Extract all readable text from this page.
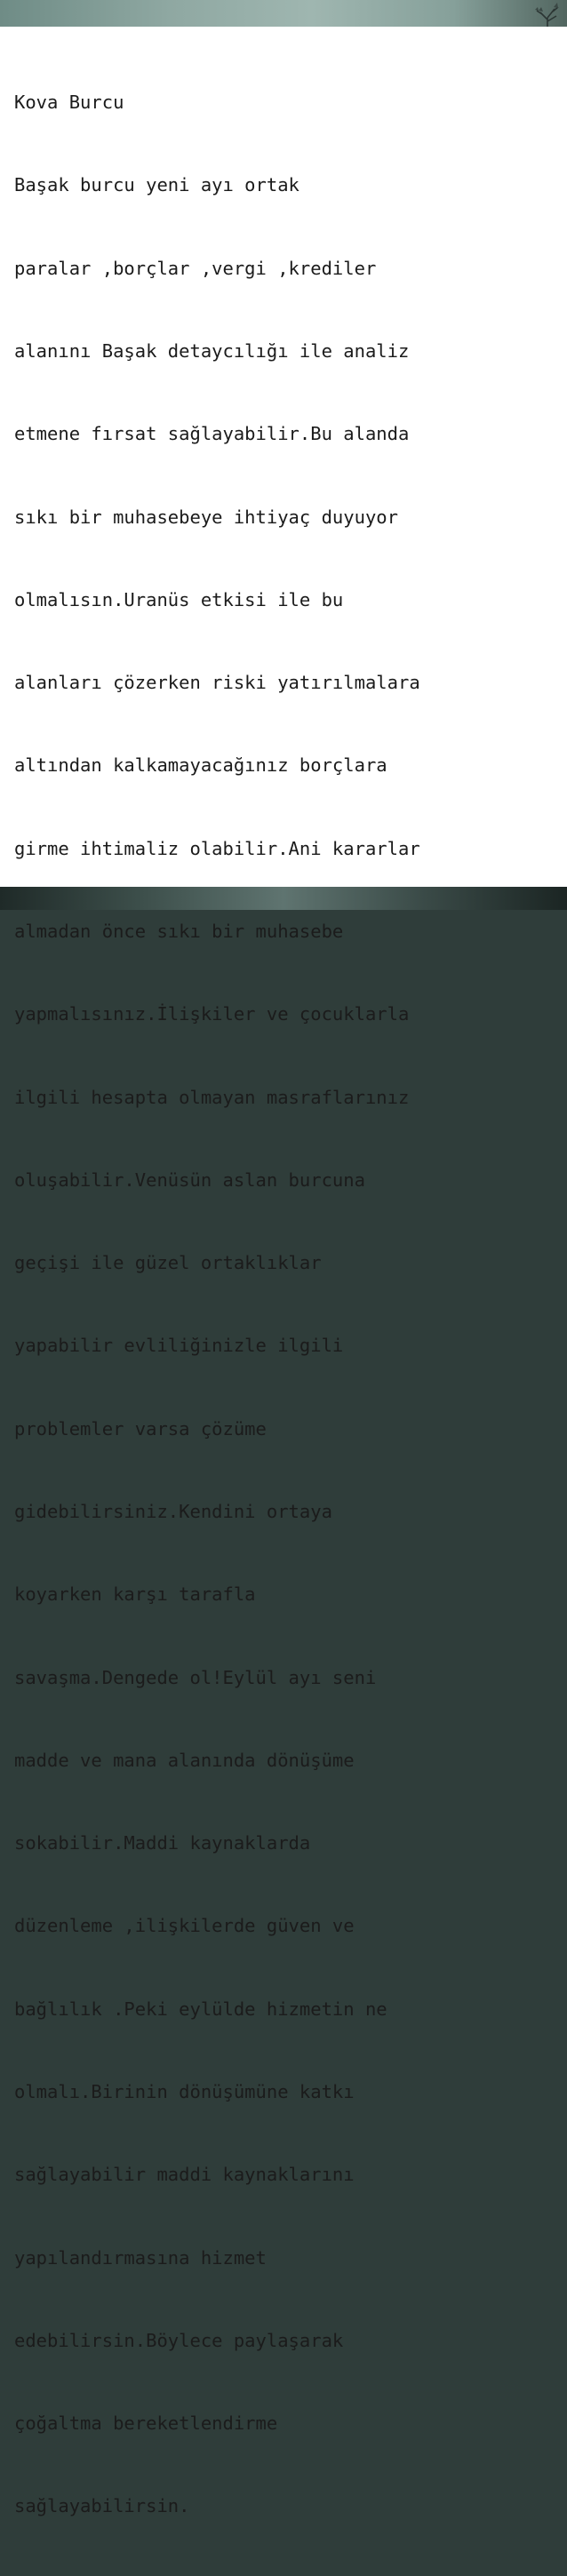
Kova Burcu

Başak burcu yeni ayı ortak

paralar ,borçlar ,vergi ,krediler

alanını Başak detaycılığı ile analiz

etmene fırsat sağlayabilir.Bu alanda

sıkı bir muhasebeye ihtiyaç duyuyor

olmalısın.Uranüs etkisi ile bu

alanları çözerken riski yatırılmalara

altından kalkamayacağınız borçlara

girme ihtimaliz olabilir.Ani kararlar

almadan önce sıkı bir muhasebe

yapmalısınız.İlişkiler ve çocuklarla

ilgili hesapta olmayan masraflarınız

oluşabilir.Venüsün aslan burcuna

geçişi ile güzel ortaklıklar

yapabilir evliliğinizle ilgili

problemler varsa çözüme

gidebilirsiniz.Kendini ortaya

koyarken karşı tarafla

savaşma.Dengede ol!Eylül ayı seni

madde ve mana alanında dönüşüme

sokabilir.Maddi kaynaklarda

düzenleme ,ilişkilerde güven ve

bağlılık .Peki eylülde hizmetin ne

olmalı.Birinin dönüşümüne katkı

sağlayabilir maddi kaynaklarını

yapılandırmasına hizmet

edebilirsin.Böylece paylaşarak

çoğaltma bereketlendirme

sağlayabilirsin.
